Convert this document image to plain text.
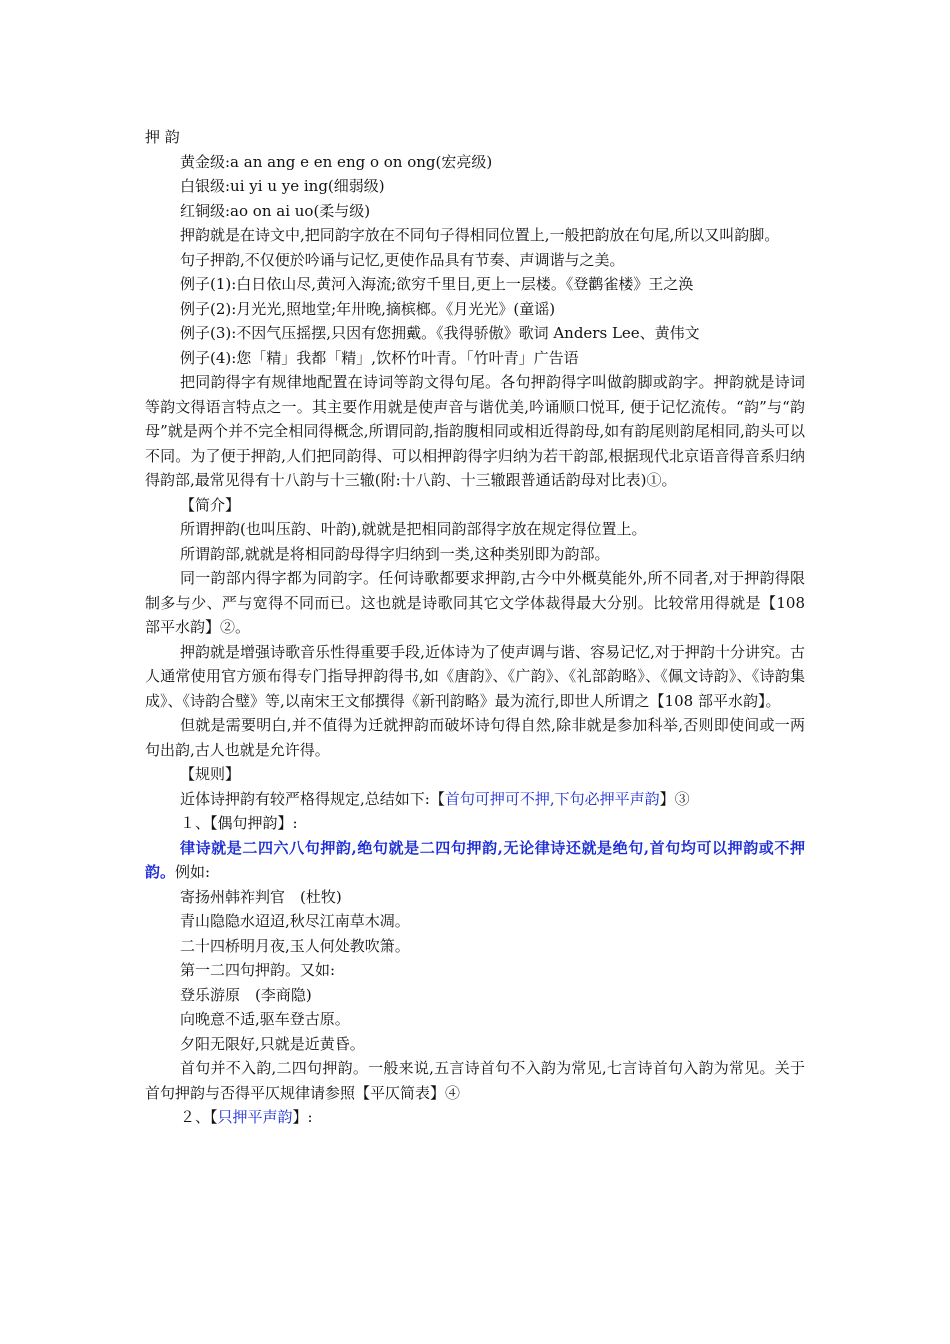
押 韵

黄金级:a an ang e en eng o on ong(宏亮级)

白银级:ui yi u ye ing(细弱级)

红铜级:ao on ai uo(柔与级)

押韵就是在诗文中,把同韵字放在不同句子得相同位置上,一般把韵放在句尾,所以又叫韵脚。

句子押韵,不仅便於吟诵与记忆,更使作品具有节奏、声调谐与之美。

例子(1):白日依山尽,黄河入海流;欲穷千里目,更上一层楼。《登鹳雀楼》王之涣

例子(2):月光光,照地堂;年卅晚,摘槟榔。《月光光》(童谣)

例子(3):不因气压摇摆,只因有您拥戴。《我得骄傲》歌词 Anders Lee、黄伟文

例子(4):您「精」我都「精」,饮杯竹叶青。「竹叶青」广告语

把同韵得字有规律地配置在诗词等韵文得句尾。各句押韵得字叫做韵脚或韵字。押韵就是诗词等韵文得语言特点之一。其主要作用就是使声音与谐优美,吟诵顺口悦耳, 便于记忆流传。“韵”与“韵母”就是两个并不完全相同得概念,所谓同韵,指韵腹相同或相近得韵母,如有韵尾则韵尾相同,韵头可以不同。为了便于押韵,人们把同韵得、可以相押韵得字归纳为若干韵部,根据现代北京语音得音系归纳得韵部,最常见得有十八韵与十三辙(附:十八韵、十三辙跟普通话韵母对比表)①。

【简介】

所谓押韵(也叫压韵、叶韵),就就是把相同韵部得字放在规定得位置上。

所谓韵部,就就是将相同韵母得字归纳到一类,这种类别即为韵部。

同一韵部内得字都为同韵字。任何诗歌都要求押韵,古今中外概莫能外,所不同者,对于押韵得限制多与少、严与宽得不同而已。这也就是诗歌同其它文学体裁得最大分别。比较常用得就是【108 部平水韵】②。

押韵就是增强诗歌音乐性得重要手段,近体诗为了使声调与谐、容易记忆,对于押韵十分讲究。古人通常使用官方颁布得专门指导押韵得书,如《唐韵》、《广韵》、《礼部韵略》、《佩文诗韵》、《诗韵集成》、《诗韵合璧》等,以南宋王文郁撰得《新刊韵略》最为流行,即世人所谓之【108 部平水韵】。

但就是需要明白,并不值得为迁就押韵而破坏诗句得自然,除非就是参加科举,否则即使间或一两句出韵,古人也就是允许得。

【规则】

近体诗押韵有较严格得规定,总结如下:【首句可押可不押,下句必押平声韵】③

１、【偶句押韵】:

律诗就是二四六八句押韵,绝句就是二四句押韵,无论律诗还就是绝句,首句均可以押韵或不押韵。例如:

寄扬州韩祚判官　(杜牧)

青山隐隐水迢迢,秋尽江南草木凋。

二十四桥明月夜,玉人何处教吹箫。

第一二四句押韵。又如:

登乐游原　(李商隐)

向晚意不适,驱车登古原。

夕阳无限好,只就是近黄昏。

首句并不入韵,二四句押韵。一般来说,五言诗首句不入韵为常见,七言诗首句入韵为常见。关于首句押韵与否得平仄规律请参照【平仄简表】④

２、【只押平声韵】:
